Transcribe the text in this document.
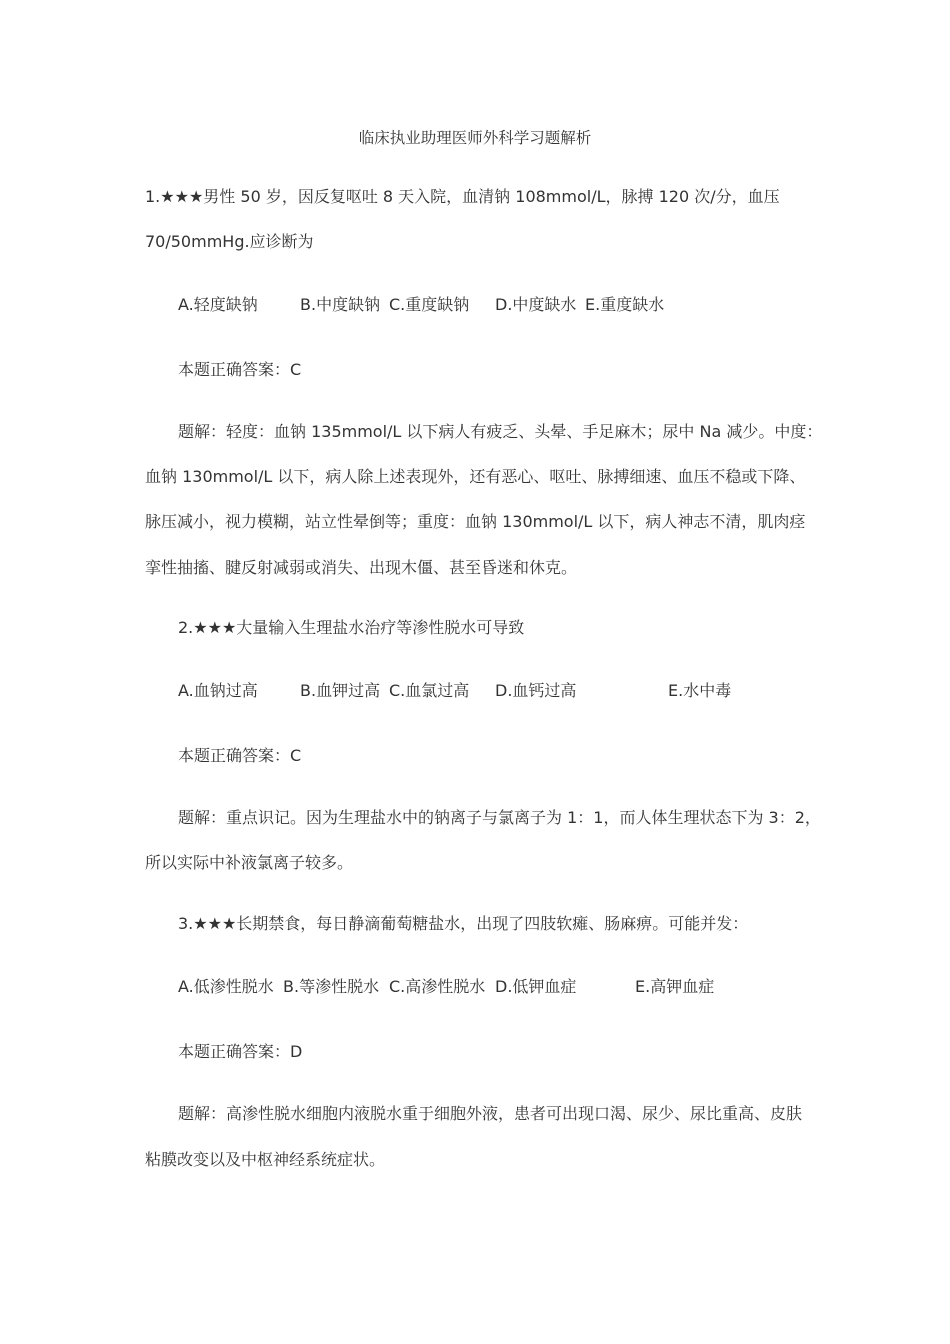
临床执业助理医师外科学习题解析
1.★★★男性 50 岁，因反复呕吐 8 天入院，血清钠 108mmol/L，脉搏 120 次/分，血压
70/50mmHg.应诊断为
A.轻度缺钠	B.中度缺钠 C.重度缺钠 D.中度缺水 E.重度缺水
本题正确答案：C
题解：轻度：血钠 135mmol/L 以下病人有疲乏、头晕、手足麻木；尿中 Na 减少。中度：
血钠 130mmol/L 以下，病人除上述表现外，还有恶心、呕吐、脉搏细速、血压不稳或下降、
脉压减小，视力模糊，站立性晕倒等；重度：血钠 130mmol/L 以下，病人神志不清，肌肉痉
挛性抽搐、腱反射减弱或消失、出现木僵、甚至昏迷和休克。
2.★★★大量输入生理盐水治疗等渗性脱水可导致
A.血钠过高	B.血钾过高 C.血氯过高 D.血钙过高	E.水中毒
本题正确答案：C
题解：重点识记。因为生理盐水中的钠离子与氯离子为 1：1，而人体生理状态下为 3：2，
所以实际中补液氯离子较多。
3.★★★长期禁食，每日静滴葡萄糖盐水，出现了四肢软瘫、肠麻痹。可能并发：
A.低渗性脱水 B.等渗性脱水 C.高渗性脱水 D.低钾血症	E.高钾血症
本题正确答案：D
题解：高渗性脱水细胞内液脱水重于细胞外液，患者可出现口渴、尿少、尿比重高、皮肤
粘膜改变以及中枢神经系统症状。
